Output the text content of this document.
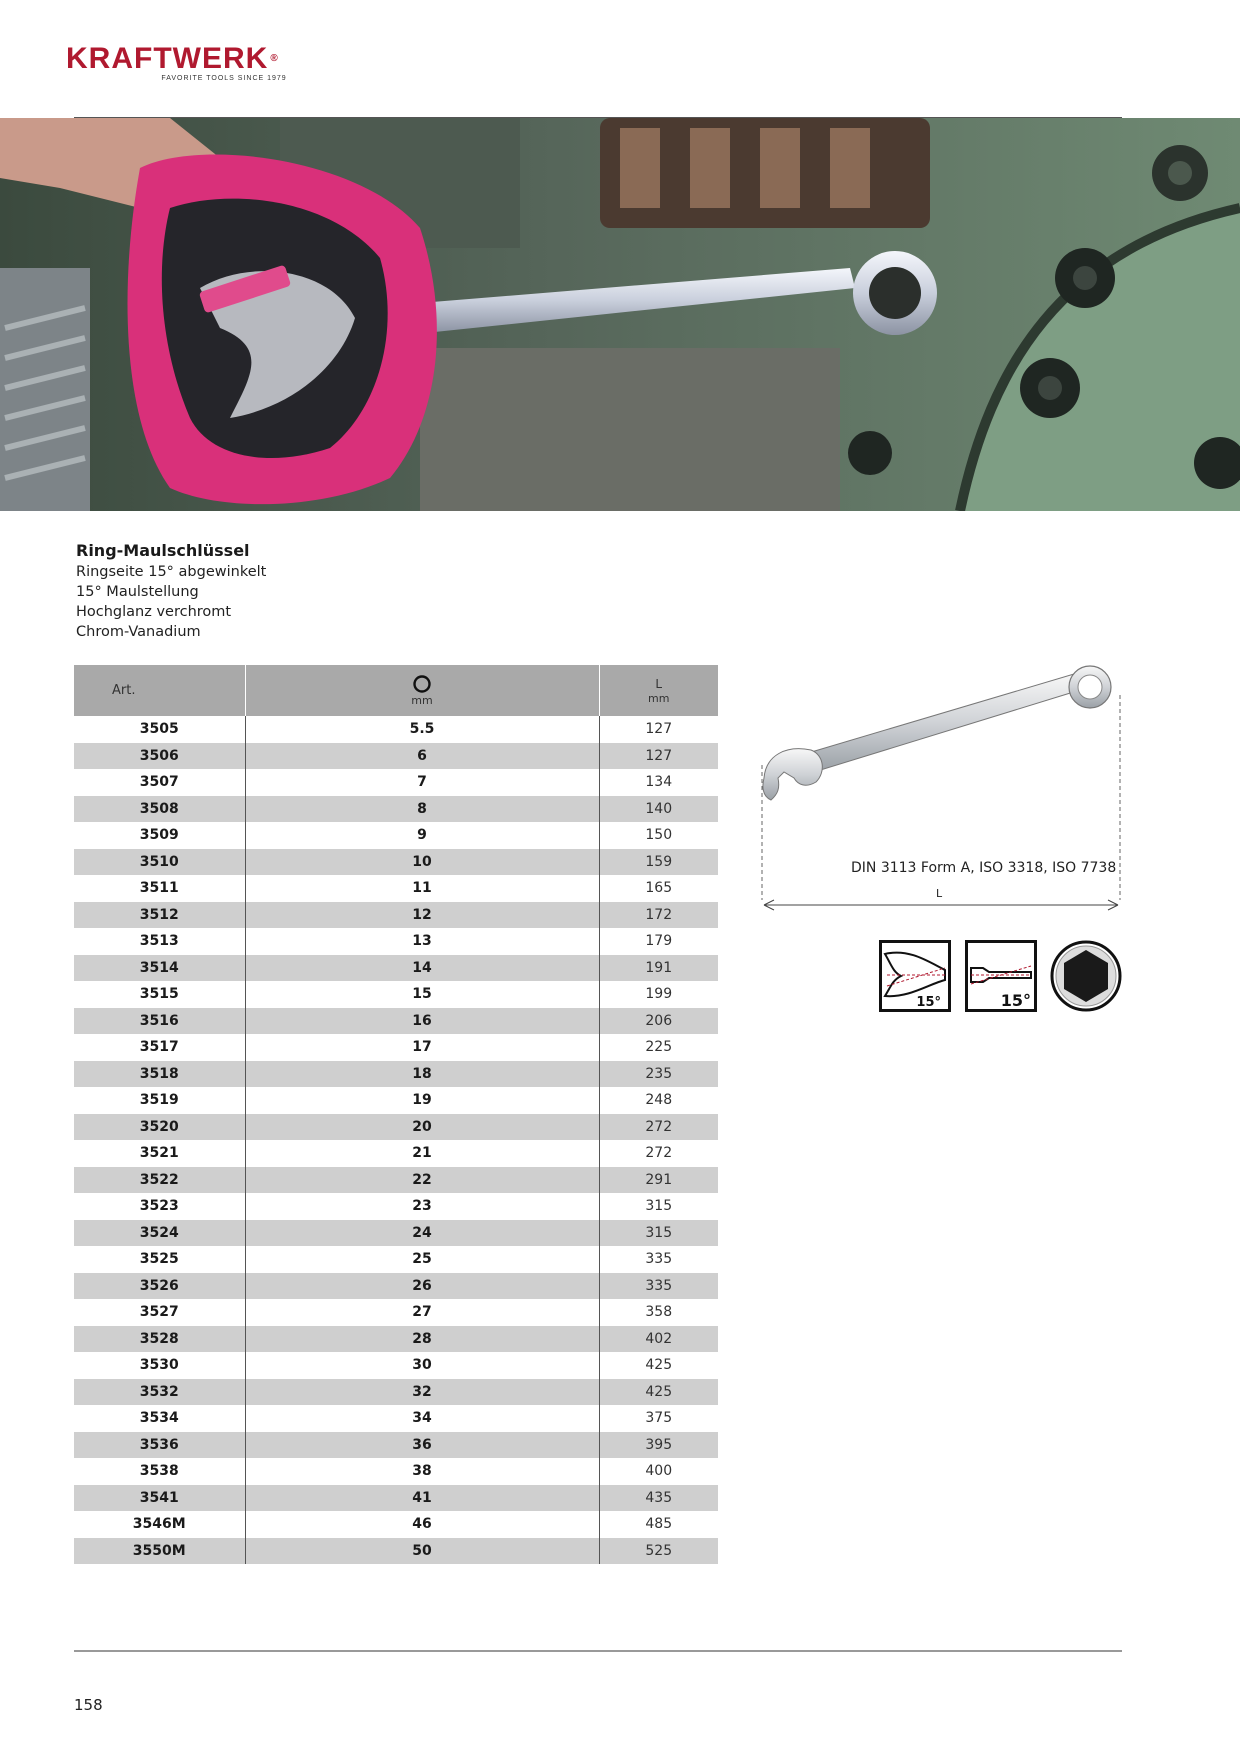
KRAFTWERK ®
FAVORITE TOOLS SINCE 1979
Ring-Maulschlüssel
Ringseite 15° abgewinkelt
15° Maulstellung
Hochglanz verchromt
Chrom-Vanadium
Art.	mm	L
mm

3505	5.5	127
3506	6	127
3507	7	134
3508	8	140
3509	9	150
3510	10	159
3511	11	165
3512	12	172
3513	13	179
3514	14	191
3515	15	199
3516	16	206
3517	17	225
3518	18	235
3519	19	248
3520	20	272
3521	21	272
3522	22	291
3523	23	315
3524	24	315
3525	25	335
3526	26	335
3527	27	358
3528	28	402
3530	30	425
3532	32	425
3534	34	375
3536	36	395
3538	38	400
3541	41	435
3546M	46	485
3550M	50	525
DIN 3113 Form A, ISO 3318, ISO 7738
L
15°	15°
158
